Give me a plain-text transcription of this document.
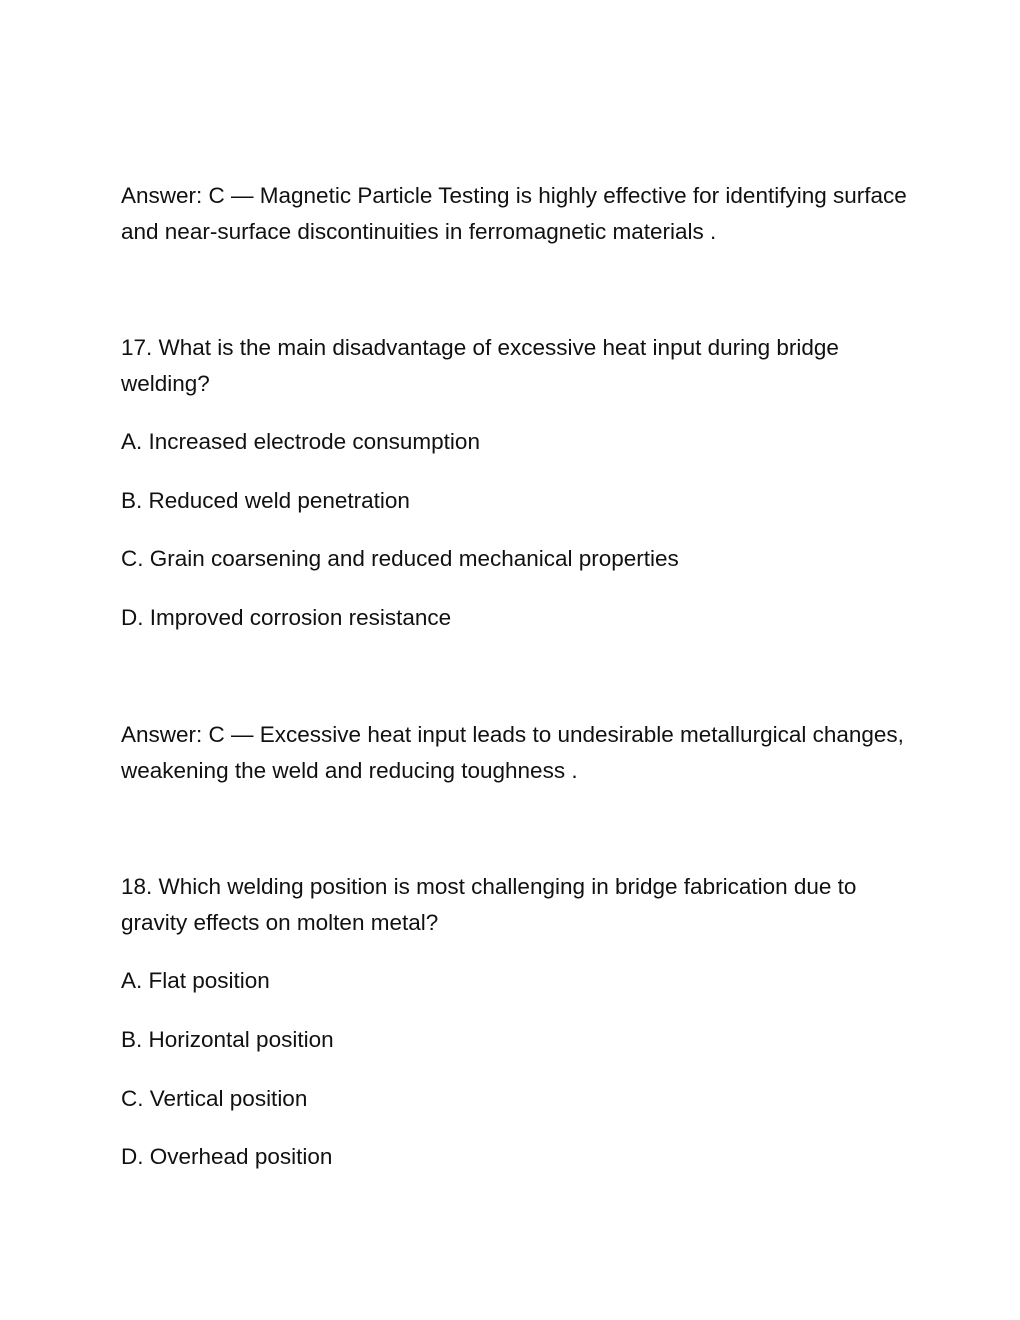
Answer: C — Magnetic Particle Testing is highly effective for identifying surface and near-surface discontinuities in ferromagnetic materials .

17. What is the main disadvantage of excessive heat input during bridge welding?

A. Increased electrode consumption

B. Reduced weld penetration

C. Grain coarsening and reduced mechanical properties

D. Improved corrosion resistance

Answer: C — Excessive heat input leads to undesirable metallurgical changes, weakening the weld and reducing toughness .

18. Which welding position is most challenging in bridge fabrication due to gravity effects on molten metal?

A. Flat position

B. Horizontal position

C. Vertical position

D. Overhead position
